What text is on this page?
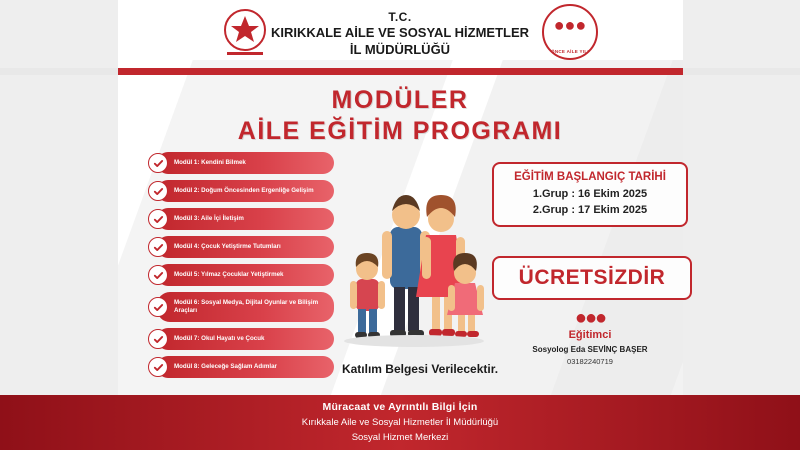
T.C.
KIRIKKALE AİLE VE SOSYAL HİZMETLER
İL MÜDÜRLÜĞÜ
●●●
ÖNCE AİLE YILI
MODÜLER
AİLE EĞİTİM PROGRAMI
Modül 1: Kendini Bilmek
Modül 2: Doğum Öncesinden Ergenliğe Gelişim
Modül 3: Aile İçi İletişim
Modül 4: Çocuk Yetiştirme Tutumları
Modül 5: Yılmaz Çocuklar Yetiştirmek
Modül 6: Sosyal Medya, Dijital Oyunlar ve Bilişim Araçları
Modül 7: Okul Hayatı ve Çocuk
Modül 8: Geleceğe Sağlam Adımlar	Katılım Belgesi Verilecektir.
EĞİTİM BAŞLANGIÇ TARİHİ
1.Grup : 16 Ekim 2025
2.Grup : 17 Ekim 2025
ÜCRETSİZDİR
●●●
Eğitimci
Sosyolog Eda SEVİNÇ BAŞER
03182240719
Müracaat ve Ayrıntılı Bilgi İçin
Kırıkkale Aile ve Sosyal Hizmetler İl Müdürlüğü
Sosyal Hizmet Merkezi
